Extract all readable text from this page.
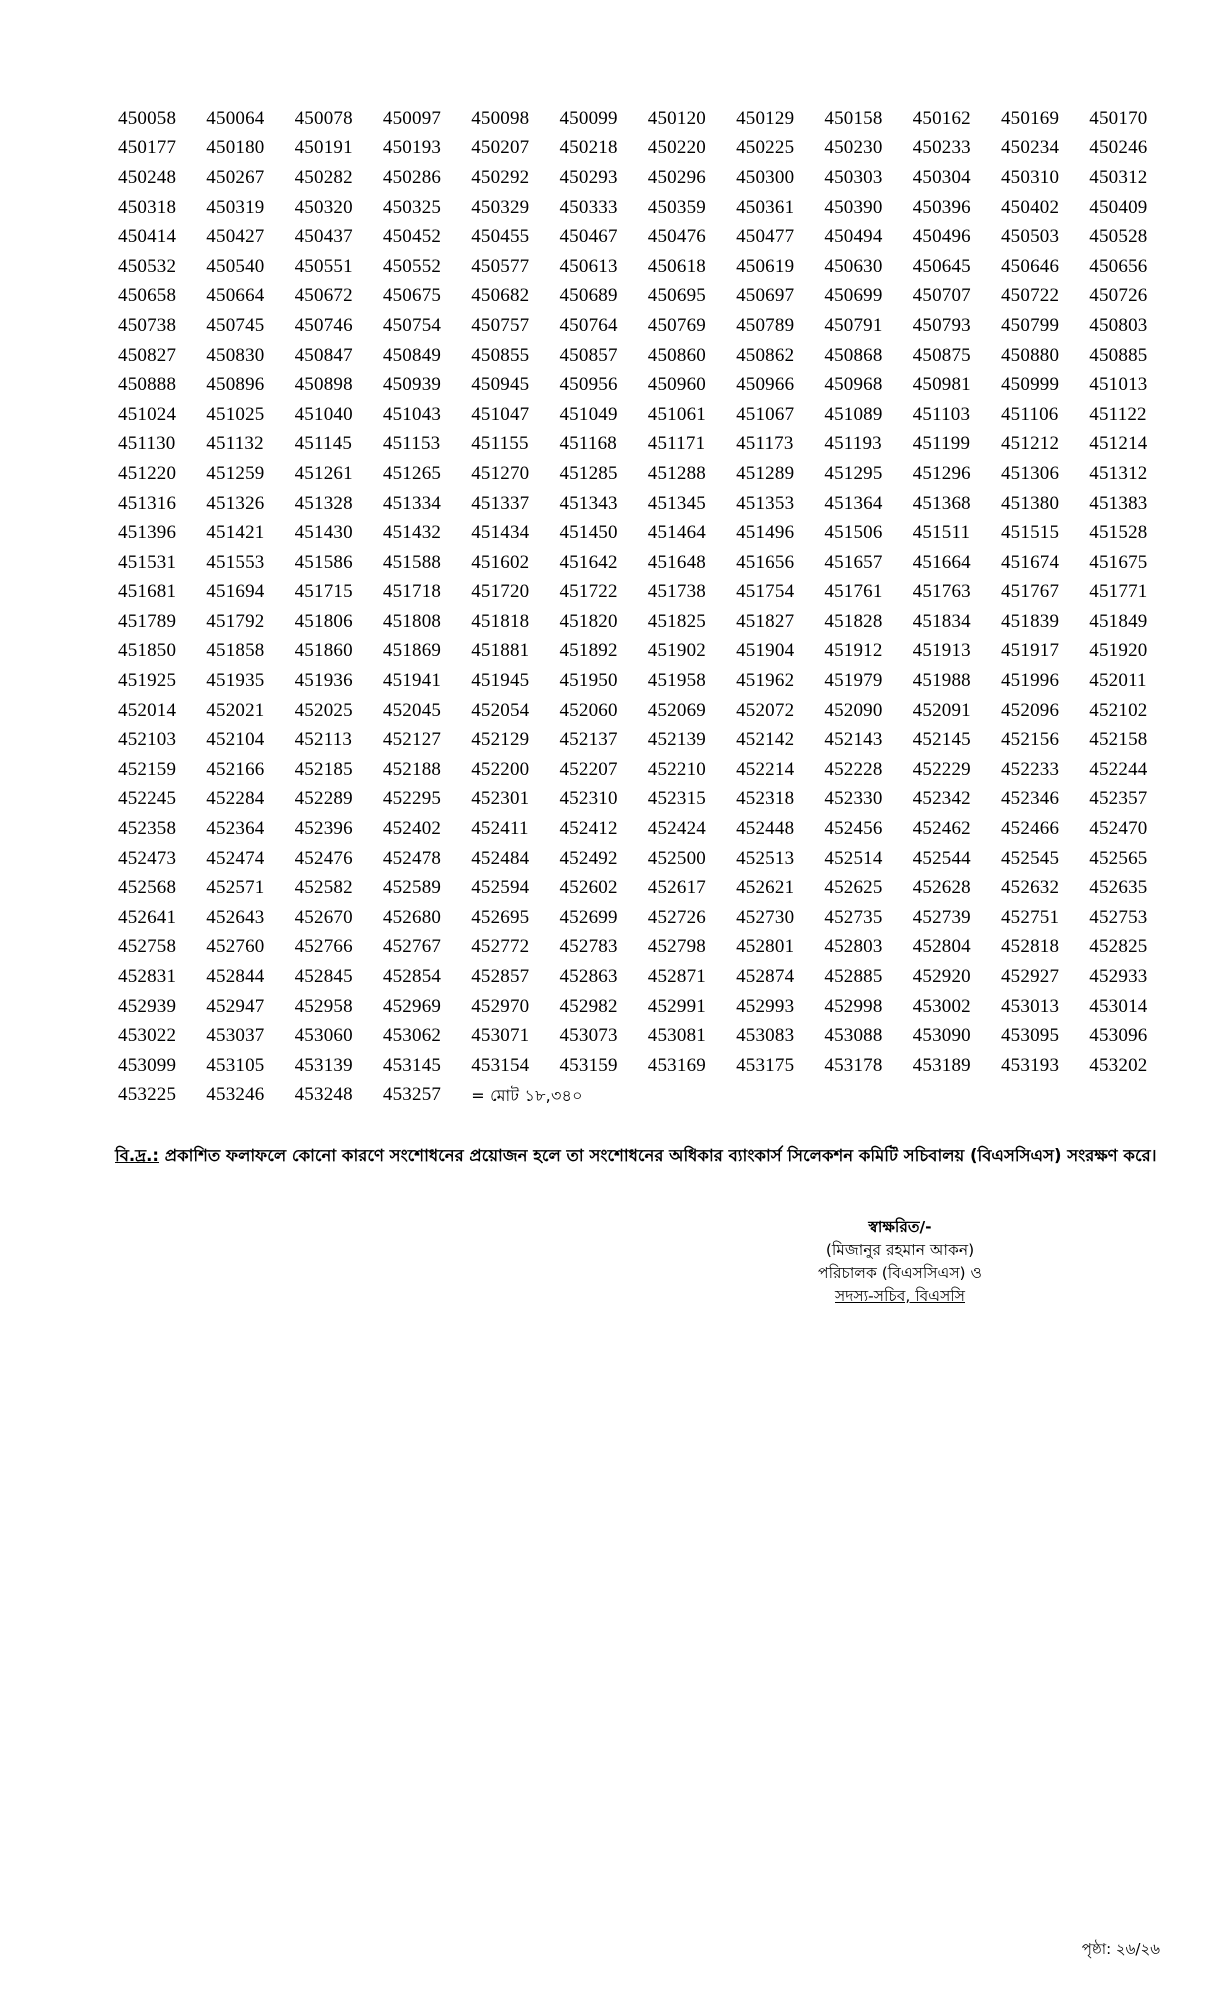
450058	450064	450078	450097	450098	450099	450120	450129	450158	450162	450169	450170
450177	450180	450191	450193	450207	450218	450220	450225	450230	450233	450234	450246
450248	450267	450282	450286	450292	450293	450296	450300	450303	450304	450310	450312
450318	450319	450320	450325	450329	450333	450359	450361	450390	450396	450402	450409
450414	450427	450437	450452	450455	450467	450476	450477	450494	450496	450503	450528
450532	450540	450551	450552	450577	450613	450618	450619	450630	450645	450646	450656
450658	450664	450672	450675	450682	450689	450695	450697	450699	450707	450722	450726
450738	450745	450746	450754	450757	450764	450769	450789	450791	450793	450799	450803
450827	450830	450847	450849	450855	450857	450860	450862	450868	450875	450880	450885
450888	450896	450898	450939	450945	450956	450960	450966	450968	450981	450999	451013
451024	451025	451040	451043	451047	451049	451061	451067	451089	451103	451106	451122
451130	451132	451145	451153	451155	451168	451171	451173	451193	451199	451212	451214
451220	451259	451261	451265	451270	451285	451288	451289	451295	451296	451306	451312
451316	451326	451328	451334	451337	451343	451345	451353	451364	451368	451380	451383
451396	451421	451430	451432	451434	451450	451464	451496	451506	451511	451515	451528
451531	451553	451586	451588	451602	451642	451648	451656	451657	451664	451674	451675
451681	451694	451715	451718	451720	451722	451738	451754	451761	451763	451767	451771
451789	451792	451806	451808	451818	451820	451825	451827	451828	451834	451839	451849
451850	451858	451860	451869	451881	451892	451902	451904	451912	451913	451917	451920
451925	451935	451936	451941	451945	451950	451958	451962	451979	451988	451996	452011
452014	452021	452025	452045	452054	452060	452069	452072	452090	452091	452096	452102
452103	452104	452113	452127	452129	452137	452139	452142	452143	452145	452156	452158
452159	452166	452185	452188	452200	452207	452210	452214	452228	452229	452233	452244
452245	452284	452289	452295	452301	452310	452315	452318	452330	452342	452346	452357
452358	452364	452396	452402	452411	452412	452424	452448	452456	452462	452466	452470
452473	452474	452476	452478	452484	452492	452500	452513	452514	452544	452545	452565
452568	452571	452582	452589	452594	452602	452617	452621	452625	452628	452632	452635
452641	452643	452670	452680	452695	452699	452726	452730	452735	452739	452751	452753
452758	452760	452766	452767	452772	452783	452798	452801	452803	452804	452818	452825
452831	452844	452845	452854	452857	452863	452871	452874	452885	452920	452927	452933
452939	452947	452958	452969	452970	452982	452991	452993	452998	453002	453013	453014
453022	453037	453060	453062	453071	453073	453081	453083	453088	453090	453095	453096
453099	453105	453139	453145	453154	453159	453169	453175	453178	453189	453193	453202
453225	453246	453248	453257	= মোট ১৮,৩৪০
বি.দ্র.: প্রকাশিত ফলাফলে কোনো কারণে সংশোধনের প্রয়োজন হলে তা সংশোধনের অধিকার ব্যাংকার্স সিলেকশন কমিটি সচিবালয় (বিএসসিএস) সংরক্ষণ করে।
স্বাক্ষরিত/-
(মিজানুর রহমান আকন)
পরিচালক (বিএসসিএস) ও
সদস্য-সচিব, বিএসসি
পৃষ্ঠা: ২৬/২৬
